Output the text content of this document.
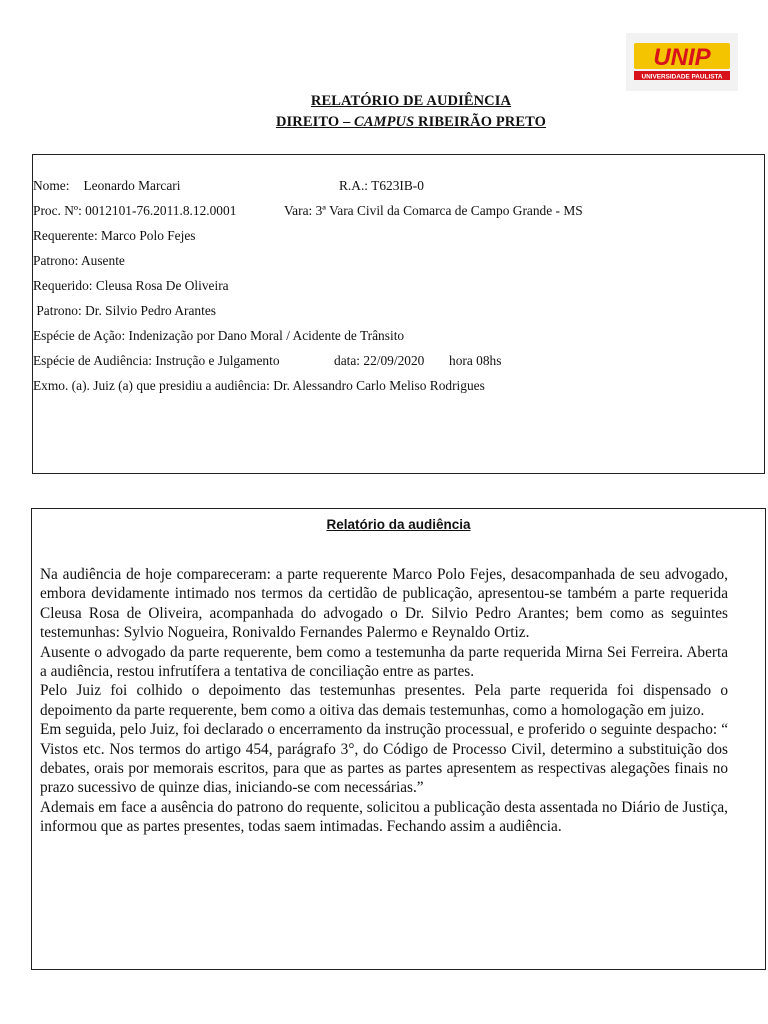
UNIP
UNIVERSIDADE PAULISTA
RELATÓRIO DE AUDIÊNCIA
DIREITO – CAMPUS RIBEIRÃO PRETO
Nome: Leonardo Marcari	R.A.: T623IB-0
Proc. Nº: 0012101-76.2011.8.12.0001	Vara: 3ª Vara Civil da Comarca de Campo Grande - MS
Requerente: Marco Polo Fejes
Patrono: Ausente
Requerido: Cleusa Rosa De Oliveira
Patrono: Dr. Silvio Pedro Arantes
Espécie de Ação: Indenização por Dano Moral / Acidente de Trânsito
Espécie de Audiência: Instrução e Julgamento	data: 22/09/2020 hora 08hs
Exmo. (a). Juiz (a) que presidiu a audiência: Dr. Alessandro Carlo Meliso Rodrigues
Relatório da audiência

Na audiência de hoje compareceram: a parte requerente Marco Polo Fejes, desacompanhada de seu advogado, embora devidamente intimado nos termos da certidão de publicação, apresentou-se também a parte requerida Cleusa Rosa de Oliveira, acompanhada do advogado o Dr. Silvio Pedro Arantes; bem como as seguintes testemunhas: Sylvio Nogueira, Ronivaldo Fernandes Palermo e Reynaldo Ortiz.

Ausente o advogado da parte requerente, bem como a testemunha da parte requerida Mirna Sei Ferreira. Aberta a audiência, restou infrutífera a tentativa de conciliação entre as partes.

Pelo Juiz foi colhido o depoimento das testemunhas presentes. Pela parte requerida foi dispensado o depoimento da parte requerente, bem como a oitiva das demais testemunhas, como a homologação em juizo.

Em seguida, pelo Juiz, foi declarado o encerramento da instrução processual, e proferido o seguinte despacho: “ Vistos etc. Nos termos do artigo 454, parágrafo 3°, do Código de Processo Civil, determino a substituição dos debates, orais por memorais escritos, para que as partes as partes apresentem as respectivas alegações finais no prazo sucessivo de quinze dias, iniciando-se com necessárias.”

Ademais em face a ausência do patrono do requente, solicitou a publicação desta assentada no Diário de Justiça, informou que as partes presentes, todas saem intimadas. Fechando assim a audiência.
